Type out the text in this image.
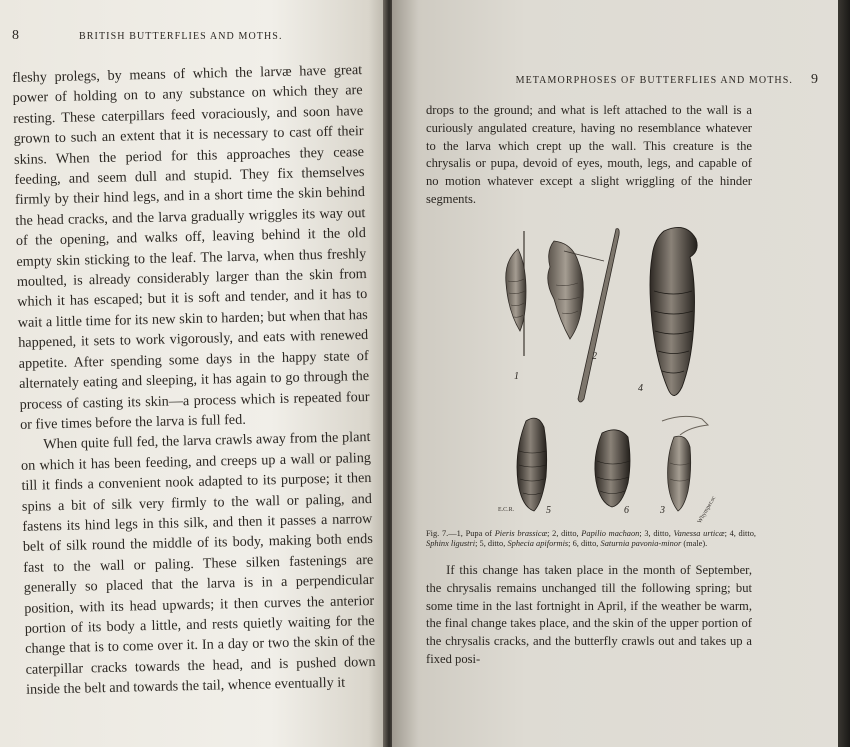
8	BRITISH BUTTERFLIES AND MOTHS.

fleshy prolegs, by means of which the larvæ have great power of holding on to any substance on which they are resting. These caterpillars feed voraciously, and soon have grown to such an extent that it is necessary to cast off their skins. When the period for this approaches they cease feeding, and seem dull and stupid. They fix themselves firmly by their hind legs, and in a short time the skin behind the head cracks, and the larva gradually wriggles its way out of the opening, and walks off, leaving behind it the old empty skin sticking to the leaf. The larva, when thus freshly moulted, is already considerably larger than the skin from which it has escaped; but it is soft and tender, and it has to wait a little time for its new skin to harden; but when that has happened, it sets to work vigorously, and eats with renewed appetite. After spending some days in the happy state of alternately eating and sleeping, it has again to go through the process of casting its skin—a process which is repeated four or five times before the larva is full fed.

When quite full fed, the larva crawls away from the plant on which it has been feeding, and creeps up a wall or paling till it finds a convenient nook adapted to its purpose; it then spins a bit of silk very firmly to the wall or paling, and fastens its hind legs in this silk, and then it passes a narrow belt of silk round the middle of its body, making both ends fast to the wall or paling. These silken fastenings are generally so placed that the larva is in a perpendicular position, with its head upwards; it then curves the anterior portion of its body a little, and rests quietly waiting for the change that is to come over it. In a day or two the skin of the caterpillar cracks towards the head, and is pushed down inside the belt and towards the tail, whence eventually it

METAMORPHOSES OF BUTTERFLIES AND MOTHS. 9

drops to the ground; and what is left attached to the wall is a curiously angulated creature, having no resemblance whatever to the larva which crept up the wall. This creature is the chrysalis or pupa, devoid of eyes, mouth, legs, and capable of no motion whatever except a slight wriggling of the hinder segments.

1
2
3
4
5	6
E.C.R.	Whymper.sc

Fig. 7.—1, Pupa of Pieris brassicæ; 2, ditto, Papilio machaon; 3, ditto, Vanessa urticæ; 4, ditto, Sphinx ligustri; 5, ditto, Sphecia apiformis; 6, ditto, Saturnia pavonia-minor (male).

If this change has taken place in the month of September, the chrysalis remains unchanged till the following spring; but some time in the last fortnight in April, if the weather be warm, the final change takes place, and the skin of the upper portion of the chrysalis cracks, and the butterfly crawls out and takes up a fixed posi-
